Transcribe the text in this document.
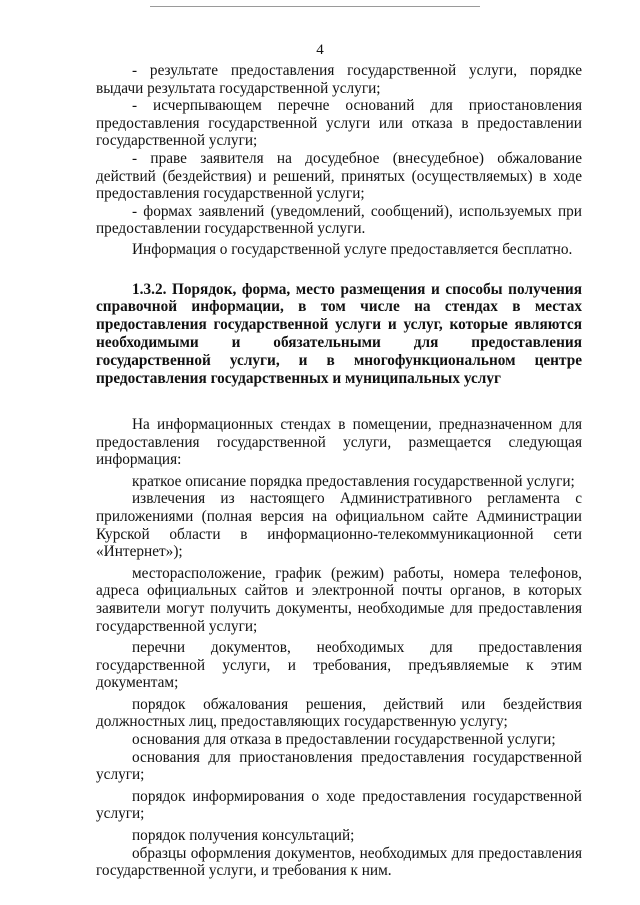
4

- результате предоставления государственной услуги, порядке выдачи результата государственной услуги;

- исчерпывающем перечне оснований для приостановления предоставления государственной услуги или отказа в предоставлении государственной услуги;

- праве заявителя на досудебное (внесудебное) обжалование действий (бездействия) и решений, принятых (осуществляемых) в ходе предоставления государственной услуги;

- формах заявлений (уведомлений, сообщений), используемых при предоставлении государственной услуги.

Информация о государственной услуге предоставляется бесплатно.

1.3.2. Порядок, форма, место размещения и способы получения справочной информации, в том числе на стендах в местах предоставления государственной услуги и услуг, которые являются необходимыми и обязательными для предоставления государственной услуги, и в многофункциональном центре предоставления государственных и муниципальных услуг

На информационных стендах в помещении, предназначенном для предоставления государственной услуги, размещается следующая информация:

краткое описание порядка предоставления государственной услуги;

извлечения из настоящего Административного регламента с приложениями (полная версия на официальном сайте Администрации Курской области в информационно-телекоммуникационной сети «Интернет»);

месторасположение, график (режим) работы, номера телефонов, адреса официальных сайтов и электронной почты органов, в которых заявители могут получить документы, необходимые для предоставления государственной услуги;

перечни документов, необходимых для предоставления государственной услуги, и требования, предъявляемые к этим документам;

порядок обжалования решения, действий или бездействия должностных лиц, предоставляющих государственную услугу;

основания для отказа в предоставлении государственной услуги;

основания для приостановления предоставления государственной услуги;

порядок информирования о ходе предоставления государственной услуги;

порядок получения консультаций;

образцы оформления документов, необходимых для предоставления государственной услуги, и требования к ним.
